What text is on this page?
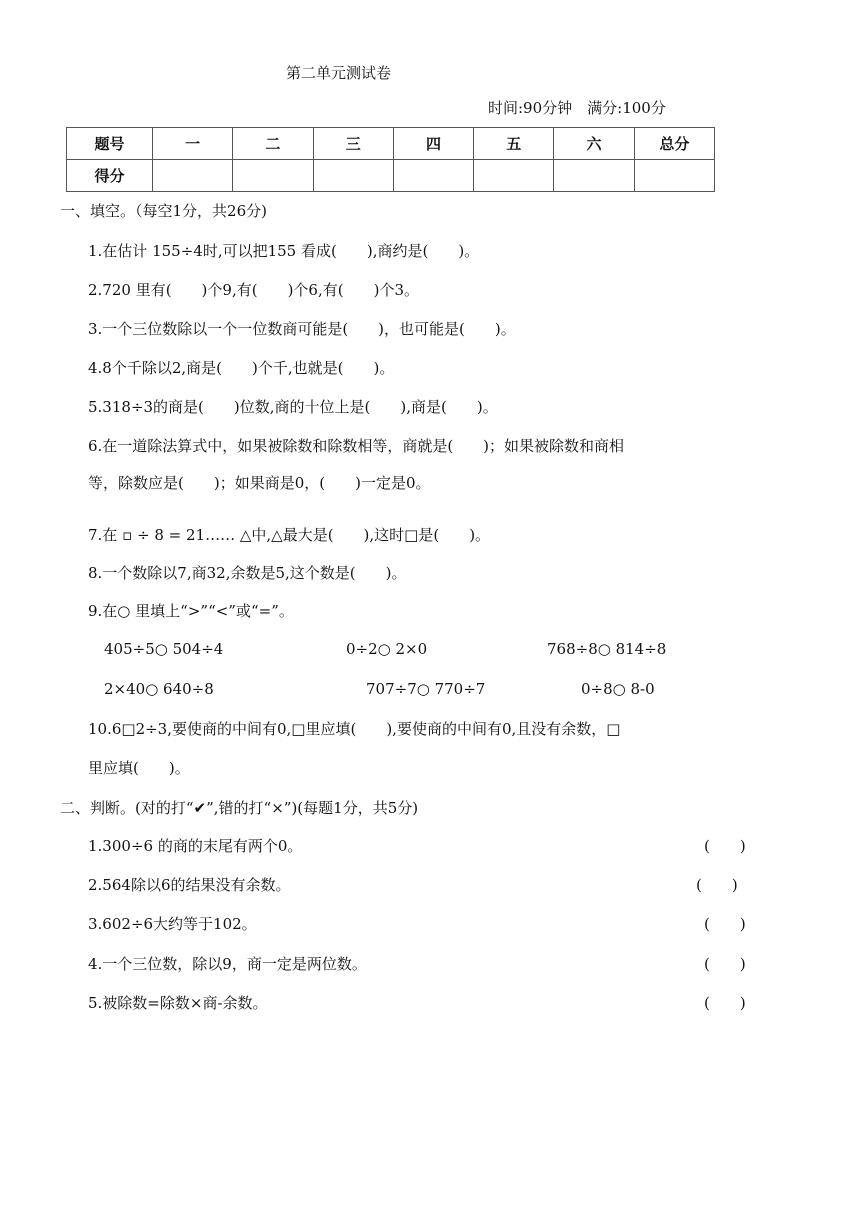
第二单元测试卷
时间:90分钟　满分:100分
题号	一	二	三	四	五	六	总分
得分							
一、填空。（每空1分，共26分)
1.在估计 155÷4时,可以把155 看成(　　),商约是(　　)。
2.720 里有(　　)个9,有(　　)个6,有(　　)个3。
3.一个三位数除以一个一位数商可能是(　　)，也可能是(　　)。
4.8个千除以2,商是(　　)个千,也就是(　　)。
5.318÷3的商是(　　)位数,商的十位上是(　　),商是(　　)。
6.在一道除法算式中，如果被除数和除数相等，商就是(　　)；如果被除数和商相
等，除数应是(　　)；如果商是0，(　　)一定是0。
7.在 ▫ ÷ 8 = 21…… △中,△最大是(　　),这时□是(　　)。
8.一个数除以7,商32,余数是5,这个数是(　　)。
9.在○ 里填上“>”“<”或“=”。
405÷5○ 504÷4	0÷2○ 2×0	768÷8○ 814÷8
2×40○ 640÷8	707÷7○ 770÷7	0÷8○ 8-0
10.6□2÷3,要使商的中间有0,□里应填(　　),要使商的中间有0,且没有余数，□
里应填(　　)。
二、判断。(对的打“✔”,错的打“×”)(每题1分，共5分)
1.300÷6 的商的末尾有两个0。	(　　)
2.564除以6的结果没有余数。	(　　)
3.602÷6大约等于102。	(　　)
4.一个三位数，除以9，商一定是两位数。	(　　)
5.被除数=除数×商-余数。	(　　)
